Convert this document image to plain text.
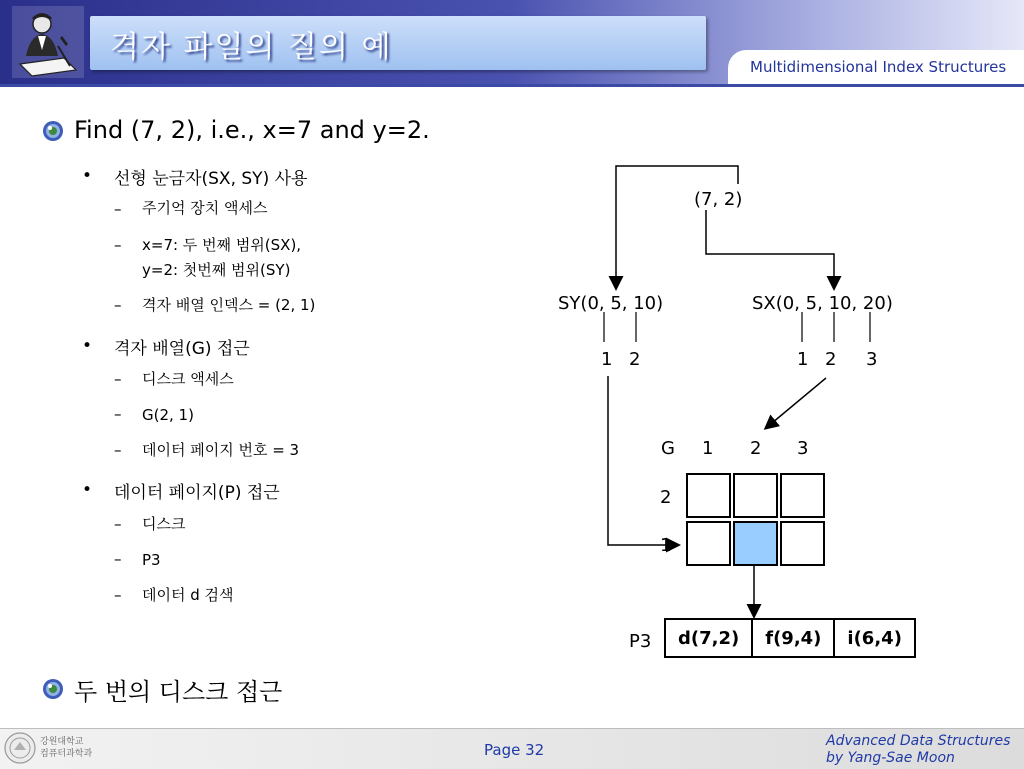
격자 파일의 질의 예
Multidimensional Index Structures
Find (7, 2), i.e., x=7 and y=2.
• 선형 눈금자(SX, SY) 사용
– 주기억 장치 액세스
– x=7: 두 번째 범위(SX),
y=2: 첫번째 범위(SY)
– 격자 배열 인덱스 = (2, 1)
• 격자 배열(G) 접근
– 디스크 액세스
– G(2, 1)
– 데이터 페이지 번호 = 3
• 데이터 페이지(P) 접근
– 디스크
– P3
– 데이터 d 검색
두 번의 디스크 접근
(7, 2)
SY(0, 5, 10)	SX(0, 5, 10, 20)
1 2	1 2 3
G 1 2 3
2
1
P3 d(7,2)	f(9,4)	i(6,4)
강원대학교
컴퓨터과학과	Page 32	Advanced Data Structures
by Yang-Sae Moon
